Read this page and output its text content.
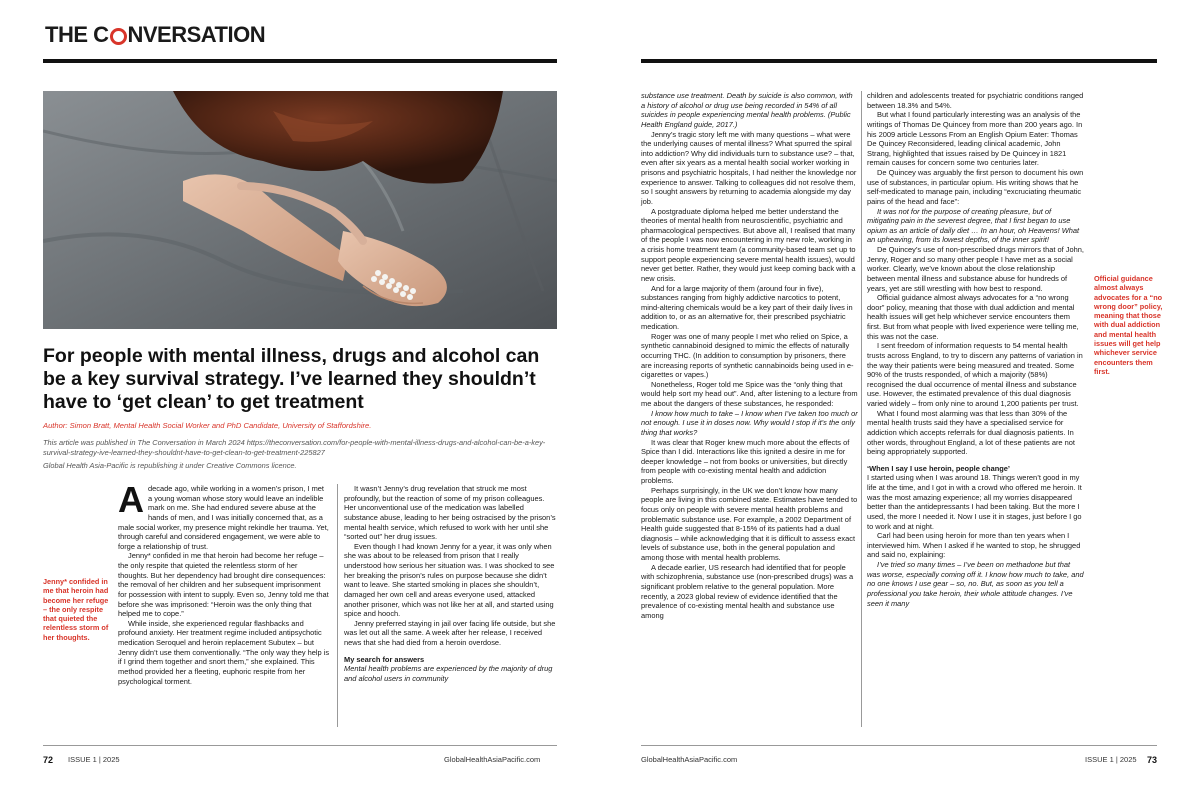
THE C NVERSATION
For people with mental illness, drugs and alcohol can be a key survival strategy. I’ve learned they shouldn’t have to ‘get clean’ to get treatment
Author: Simon Bratt, Mental Health Social Worker and PhD Candidate, University of Staffordshire.
This article was published in The Conversation in March 2024 https://theconversation.com/for-people-with-mental-illness-drugs-and-alcohol-can-be-a-key-survival-strategy-ive-learned-they-shouldnt-have-to-get-clean-to-get-treatment-225827
Global Health Asia-Pacific is republishing it under Creative Commons licence.
Jenny* confided in me that heroin had become her refuge – the only respite that quieted the relentless storm of her thoughts.
Official guidance almost always advocates for a “no wrong door” policy, meaning that those with dual addiction and mental health issues will get help whichever service encounters them first.

Adecade ago, while working in a women’s prison, I met a young woman whose story would leave an indelible mark on me. She had endured severe abuse at the hands of men, and I was initially concerned that, as a male social worker, my presence might rekindle her trauma. Yet, through careful and considered engagement, we were able to forge a relationship of trust.

Jenny* confided in me that heroin had become her refuge – the only respite that quieted the relentless storm of her thoughts. But her dependency had brought dire consequences: the removal of her children and her subsequent imprisonment for possession with intent to supply. Even so, Jenny told me that before she was imprisoned: “Heroin was the only thing that helped me to cope.”

While inside, she experienced regular flashbacks and profound anxiety. Her treatment regime included antipsychotic medication Seroquel and heroin replacement Subutex – but Jenny didn’t use them conventionally. “The only way they help is if I grind them together and snort them,” she explained. This method provided her a fleeting, euphoric respite from her psychological torment.

It wasn’t Jenny’s drug revelation that struck me most profoundly, but the reaction of some of my prison colleagues. Her unconventional use of the medication was labelled substance abuse, leading to her being ostracised by the prison’s mental health service, which refused to work with her until she “sorted out” her drug issues.

Even though I had known Jenny for a year, it was only when she was about to be released from prison that I really understood how serious her situation was. I was shocked to see her breaking the prison’s rules on purpose because she didn’t want to leave. She started smoking in places she shouldn’t, damaged her own cell and areas everyone used, attacked another prisoner, which was not like her at all, and started using spice and hooch.

Jenny preferred staying in jail over facing life outside, but she was let out all the same. A week after her release, I received news that she had died from a heroin overdose.

My search for answers

Mental health problems are experienced by the majority of drug and alcohol users in community

substance use treatment. Death by suicide is also common, with a history of alcohol or drug use being recorded in 54% of all suicides in people experiencing mental health problems. (Public Health England guide, 2017.)

Jenny’s tragic story left me with many questions – what were the underlying causes of mental illness? What spurred the spiral into addiction? Why did individuals turn to substance use? – that, even after six years as a mental health social worker working in prisons and psychiatric hospitals, I had neither the knowledge nor experience to answer. Talking to colleagues did not resolve them, so I sought answers by returning to academia alongside my day job.

A postgraduate diploma helped me better understand the theories of mental health from neuroscientific, psychiatric and pharmacological perspectives. But above all, I realised that many of the people I was now encountering in my new role, working in a crisis home treatment team (a community-based team set up to support people experiencing severe mental health issues), would never get better. Rather, they would just keep coming back with a new crisis.

And for a large majority of them (around four in five), substances ranging from highly addictive narcotics to potent, mind-altering chemicals would be a key part of their daily lives in addition to, or as an alternative for, their prescribed psychiatric medication.

Roger was one of many people I met who relied on Spice, a synthetic cannabinoid designed to mimic the effects of naturally occurring THC. (In addition to consumption by prisoners, there are increasing reports of synthetic cannabinoids being used in e-cigarettes or vapes.)

Nonetheless, Roger told me Spice was the “only thing that would help sort my head out”. And, after listening to a lecture from me about the dangers of these substances, he responded:

I know how much to take – I know when I’ve taken too much or not enough. I use it in doses now. Why would I stop if it’s the only thing that works?

It was clear that Roger knew much more about the effects of Spice than I did. Interactions like this ignited a desire in me for deeper knowledge – not from books or universities, but directly from people with co-existing mental health and addiction problems.

Perhaps surprisingly, in the UK we don’t know how many people are living in this combined state. Estimates have tended to focus only on people with severe mental health problems and problematic substance use. For example, a 2002 Department of Health guide suggested that 8-15% of its patients had a dual diagnosis – while acknowledging that it is difficult to assess exact levels of substance use, both in the general population and among those with mental health problems.

A decade earlier, US research had identified that for people with schizophrenia, substance use (non-prescribed drugs) was a significant problem relative to the general population. More recently, a 2023 global review of evidence identified that the prevalence of co-existing mental health and substance use among

children and adolescents treated for psychiatric conditions ranged between 18.3% and 54%.

But what I found particularly interesting was an analysis of the writings of Thomas De Quincey from more than 200 years ago. In his 2009 article Lessons From an English Opium Eater: Thomas De Quincey Reconsidered, leading clinical academic, John Strang, highlighted that issues raised by De Quincey in 1821 remain causes for concern some two centuries later.

De Quincey was arguably the first person to document his own use of substances, in particular opium. His writing shows that he self-medicated to manage pain, including “excruciating rheumatic pains of the head and face”:

It was not for the purpose of creating pleasure, but of mitigating pain in the severest degree, that I first began to use opium as an article of daily diet … In an hour, oh Heavens! What an upheaving, from its lowest depths, of the inner spirit!

De Quincey’s use of non-prescribed drugs mirrors that of John, Jenny, Roger and so many other people I have met as a social worker. Clearly, we’ve known about the close relationship between mental illness and substance abuse for hundreds of years, yet are still wrestling with how best to respond.

Official guidance almost always advocates for a “no wrong door” policy, meaning that those with dual addiction and mental health issues will get help whichever service encounters them first. But from what people with lived experience were telling me, this was not the case.

I sent freedom of information requests to 54 mental health trusts across England, to try to discern any patterns of variation in the way their patients were being measured and treated. Some 90% of the trusts responded, of which a majority (58%) recognised the dual occurrence of mental illness and substance use. However, the estimated prevalence of this dual diagnosis varied widely – from only nine to around 1,200 patients per trust.

What I found most alarming was that less than 30% of the mental health trusts said they have a specialised service for addiction which accepts referrals for dual diagnosis patients. In other words, throughout England, a lot of these patients are not being appropriately supported.

‘When I say I use heroin, people change’

I started using when I was around 18. Things weren’t good in my life at the time, and I got in with a crowd who offered me heroin. It was the most amazing experience; all my worries disappeared better than the antidepressants I had been taking. But the more I used, the more I needed it. Now I use it in stages, just before I go to work and at night.

Carl had been using heroin for more than ten years when I interviewed him. When I asked if he wanted to stop, he shrugged and said no, explaining:

I’ve tried so many times – I’ve been on methadone but that was worse, especially coming off it. I know how much to take, and no one knows I use gear – so, no. But, as soon as you tell a professional you take heroin, their whole attitude changes. I’ve seen it many

72 ISSUE 1 | 2025	GlobalHealthAsiaPacific.com	GlobalHealthAsiaPacific.com	ISSUE 1 | 2025 73
